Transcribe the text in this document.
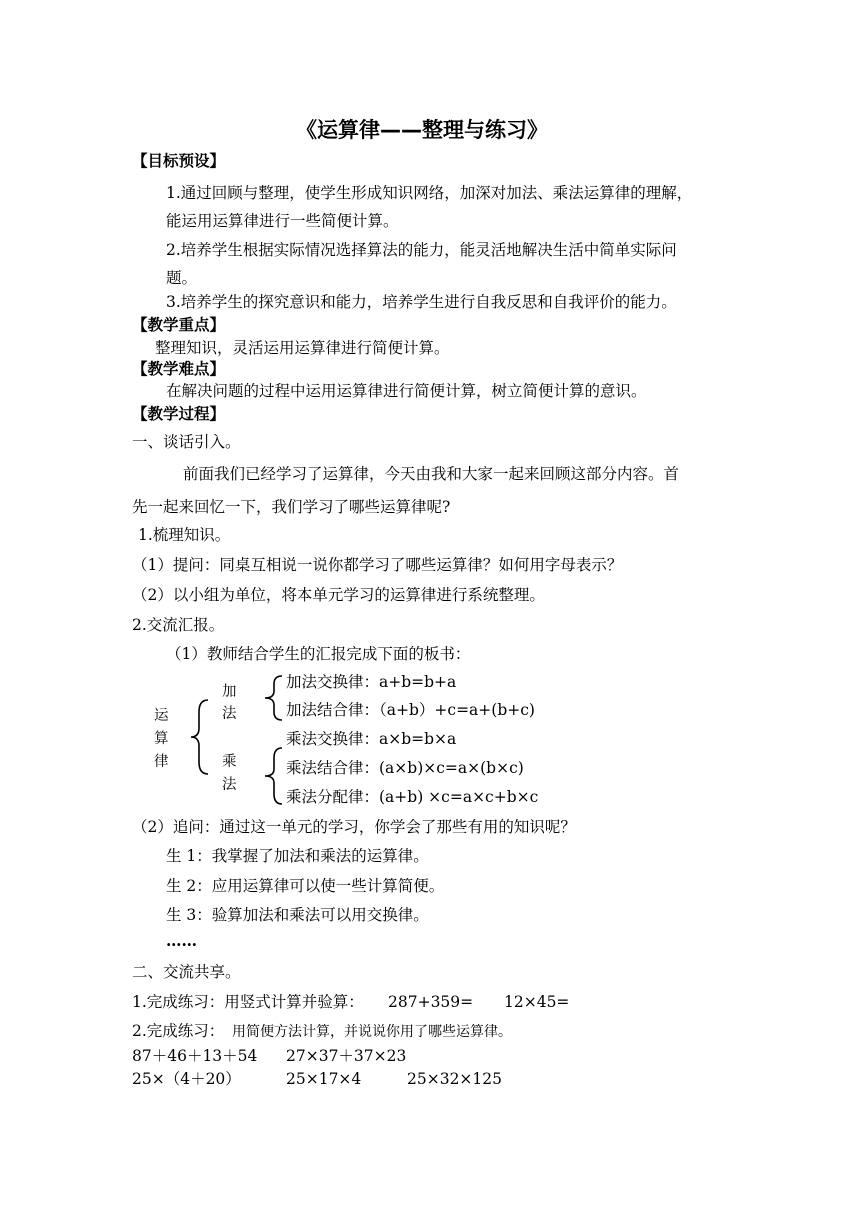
《运算律——整理与练习》
【目标预设】
1.通过回顾与整理，使学生形成知识网络，加深对加法、乘法运算律的理解，
能运用运算律进行一些简便计算。
2.培养学生根据实际情况选择算法的能力，能灵活地解决生活中简单实际问
题。
3.培养学生的探究意识和能力，培养学生进行自我反思和自我评价的能力。
【教学重点】
整理知识，灵活运用运算律进行简便计算。
【教学难点】
在解决问题的过程中运用运算律进行简便计算，树立简便计算的意识。
【教学过程】
一、谈话引入。
前面我们已经学习了运算律，今天由我和大家一起来回顾这部分内容。首
先一起来回忆一下，我们学习了哪些运算律呢?
1.梳理知识。
（1）提问：同桌互相说一说你都学习了哪些运算律？如何用字母表示？
（2）以小组为单位，将本单元学习的运算律进行系统整理。
2.交流汇报。
（1）教师结合学生的汇报完成下面的板书：
运
算
律
加
法
乘
法
加法交换律：a+b=b+a
加法结合律：（a+b）+c=a+(b+c)
乘法交换律：a×b=b×a
乘法结合律：(a×b)×c=a×(b×c)
乘法分配律：(a+b) ×c=a×c+b×c
（2）追问：通过这一单元的学习，你学会了那些有用的知识呢？
生 1：我掌握了加法和乘法的运算律。
生 2：应用运算律可以使一些计算简便。
生 3：验算加法和乘法可以用交换律。
……
二、交流共享。
1.完成练习：用竖式计算并验算： 287+359= 12×45=
2.完成练习： 用简便方法计算，并说说你用了哪些运算律。
87＋46＋13＋54 27×37＋37×23
25×（4＋20）	25×17×4	25×32×125
